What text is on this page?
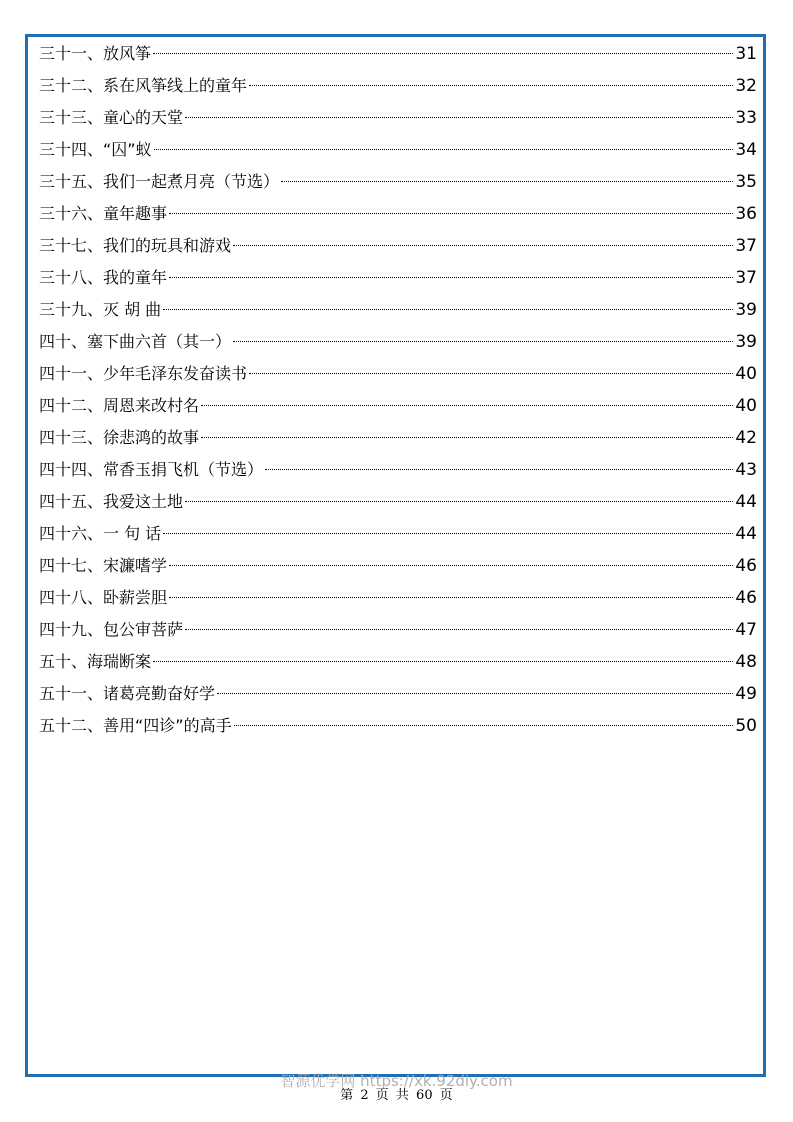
三十一、放风筝	31
三十二、系在风筝线上的童年	32
三十三、童心的天堂	33
三十四、“囚”蚁	34
三十五、我们一起煮月亮（节选）	35
三十六、童年趣事	36
三十七、我们的玩具和游戏	37
三十八、我的童年	37
三十九、灭 胡 曲	39
四十、塞下曲六首（其一）	39
四十一、少年毛泽东发奋读书	40
四十二、周恩来改村名	40
四十三、徐悲鸿的故事	42
四十四、常香玉捐飞机（节选）	43
四十五、我爱这土地	44
四十六、一 句 话	44
四十七、宋濂嗜学	46
四十八、卧薪尝胆	46
四十九、包公审菩萨	47
五十、海瑞断案	48
五十一、诸葛亮勤奋好学	49
五十二、善用“四诊”的高手	50
智源优学网 https://xk.92diy.com
第 2 页 共 60 页
